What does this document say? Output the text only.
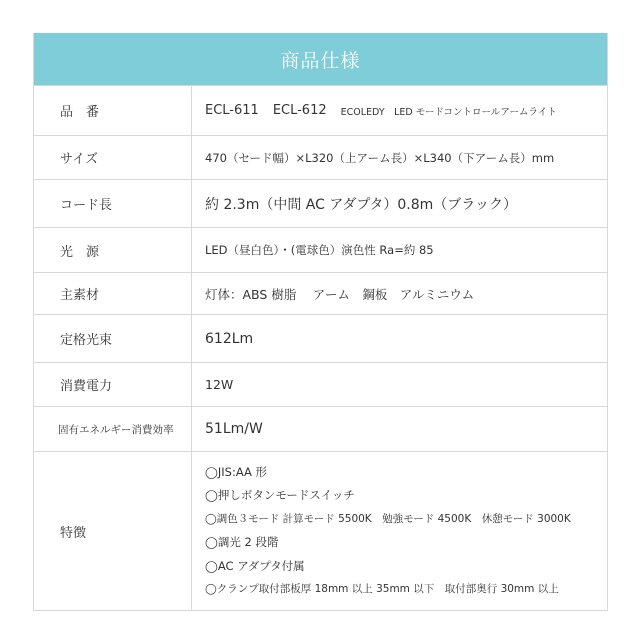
商品仕様
品　番	ECL-611 ECL-612 ECOLEDY　LED モードコントロールアームライト
サイズ	470（セード幅）×L320（上アーム長）×L340（下アーム長）mm
コード長	約 2.3m（中間 AC アダプタ）0.8m（ブラック）
光　源	LED（昼白色）・(電球色）演色性 Ra=約 85
主素材	灯体：ABS 樹脂　 アーム　鋼板　アルミニウム
定格光束	612Lm
消費電力	12W
固有エネルギー消費効率	51Lm/W
特徴
◯JIS:AA 形
◯押しボタンモードスイッチ
◯調色３モード 計算モード 5500K　勉強モード 4500K　休憩モード 3000K
◯調光 2 段階
◯AC アダプタ付属
◯クランプ取付部板厚 18mm 以上 35mm 以下　取付部奥行 30mm 以上
